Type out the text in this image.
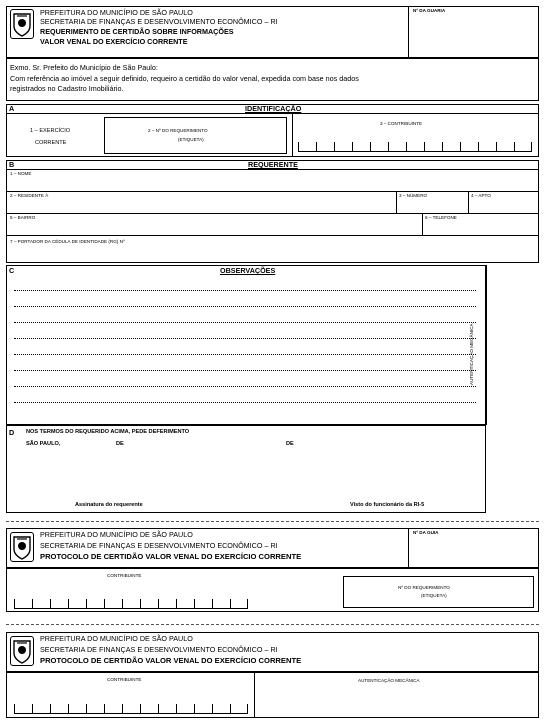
PREFEITURA DO MUNICÍPIO DE SÃO PAULO
SECRETARIA DE FINANÇAS E DESENVOLVIMENTO ECONÔMICO – RI
REQUERIMENTO DE CERTIDÃO SOBRE INFORMAÇÕES
VALOR VENAL DO EXERCÍCIO CORRENTE
Nº DA GUARIA
Exmo. Sr. Prefeito do Município de São Paulo:
Com referência ao imóvel a seguir definido, requeiro a certidão do valor venal, expedida com base nos dados
registrados no Cadastro Imobiliário.
A	IDENTIFICAÇÃO
1 – EXERCÍCIO
CORRENTE
2 – Nº DO REQUERIMENTO
(ETIQUETA)
3 – CONTRIBUINTE
B	REQUERENTE
1 – NOME
2 – RESIDENTE À	3 – NÚMERO	4 – APTO
5 – BAIRRO	6 – TELEFONE
7 – PORTADOR DA CÉDULA DE IDENTIDADE (RG) Nº
C	OBSERVAÇÕES
AUTENTICAÇÃO MECÂNICA
D NOS TERMOS DO REQUERIDO ACIMA, PEDE DEFERIMENTO
SÃO PAULO,	DE	DE
Assinatura do requerente	Visto do funcionário da RI-5
PREFEITURA DO MUNICÍPIO DE SÃO PAULO
SECRETARIA DE FINANÇAS E DESENVOLVIMENTO ECONÔMICO – RI
PROTOCOLO DE CERTIDÃO VALOR VENAL DO EXERCÍCIO CORRENTE
Nº DA GUIA
CONTRIBUINTE
Nº DO REQUERIMENTO
(ETIQUETA)
PREFEITURA DO MUNICÍPIO DE SÃO PAULO
SECRETARIA DE FINANÇAS E DESENVOLVIMENTO ECONÔMICO – RI
PROTOCOLO DE CERTIDÃO VALOR VENAL DO EXERCÍCIO CORRENTE
CONTRIBUINTE	AUTENTICAÇÃO MECÂNICA
